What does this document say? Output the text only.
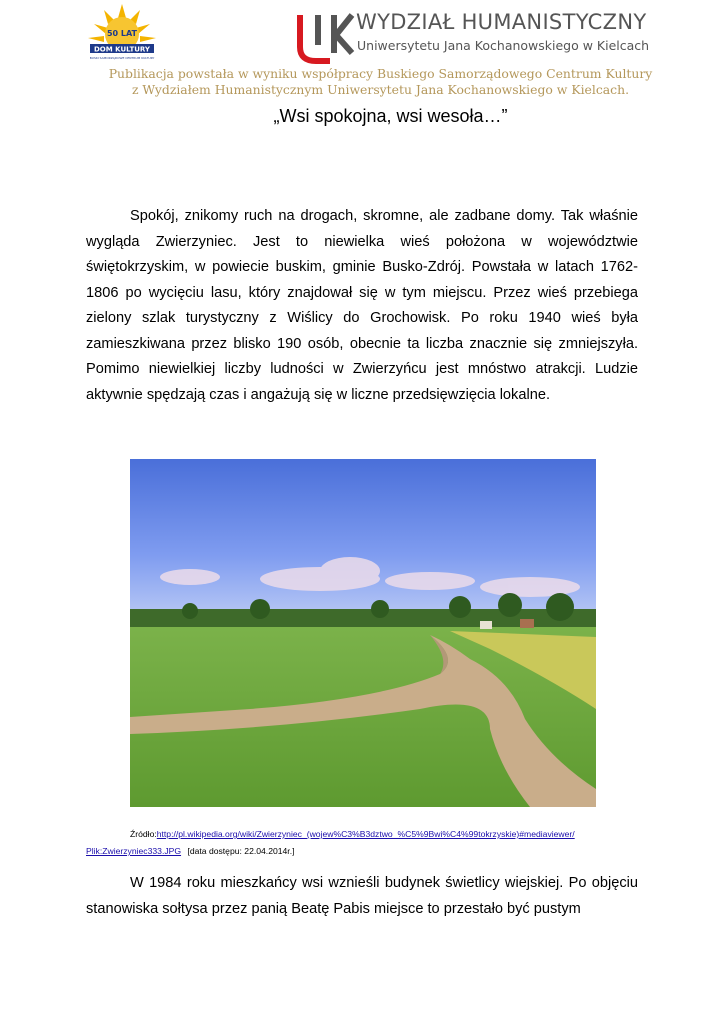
50 LAT
DOM KULTURY
BUSKI SAMORZĄDOWE CENTRUM KULTURY
WYDZIAŁ HUMANISTYCZNY
Uniwersytetu Jana Kochanowskiego w Kielcach
Publikacja powstała w wyniku współpracy Buskiego Samorządowego Centrum Kultury
z Wydziałem Humanistycznym Uniwersytetu Jana Kochanowskiego w Kielcach.
„Wsi spokojna, wsi wesoła…”

Spokój, znikomy ruch na drogach, skromne, ale zadbane domy. Tak właśnie wygląda Zwierzyniec. Jest to niewielka wieś położona w województwie świętokrzyskim, w powiecie buskim, gminie Busko-Zdrój. Powstała w latach 1762-1806 po wycięciu lasu, który znajdował się w tym miejscu. Przez wieś przebiega zielony szlak turystyczny z Wiślicy do Grochowisk. Po roku 1940 wieś była zamieszkiwana przez blisko 190 osób, obecnie ta liczba znacznie się zmniejszyła. Pomimo niewielkiej liczby ludności w Zwierzyńcu jest mnóstwo atrakcji. Ludzie aktywnie spędzają czas i angażują się w liczne przedsięwzięcia lokalne.

Źródło:http://pl.wikipedia.org/wiki/Zwierzyniec_(wojew%C3%B3dztwo_%C5%9Bwi%C4%99tokrzyskie)#mediaviewer/
Plik:Zwierzyniec333.JPG [data dostępu: 22.04.2014r.]

W 1984 roku mieszkańcy wsi wznieśli budynek świetlicy wiejskiej. Po objęciu stanowiska sołtysa przez panią Beatę Pabis miejsce to przestało być pustym
